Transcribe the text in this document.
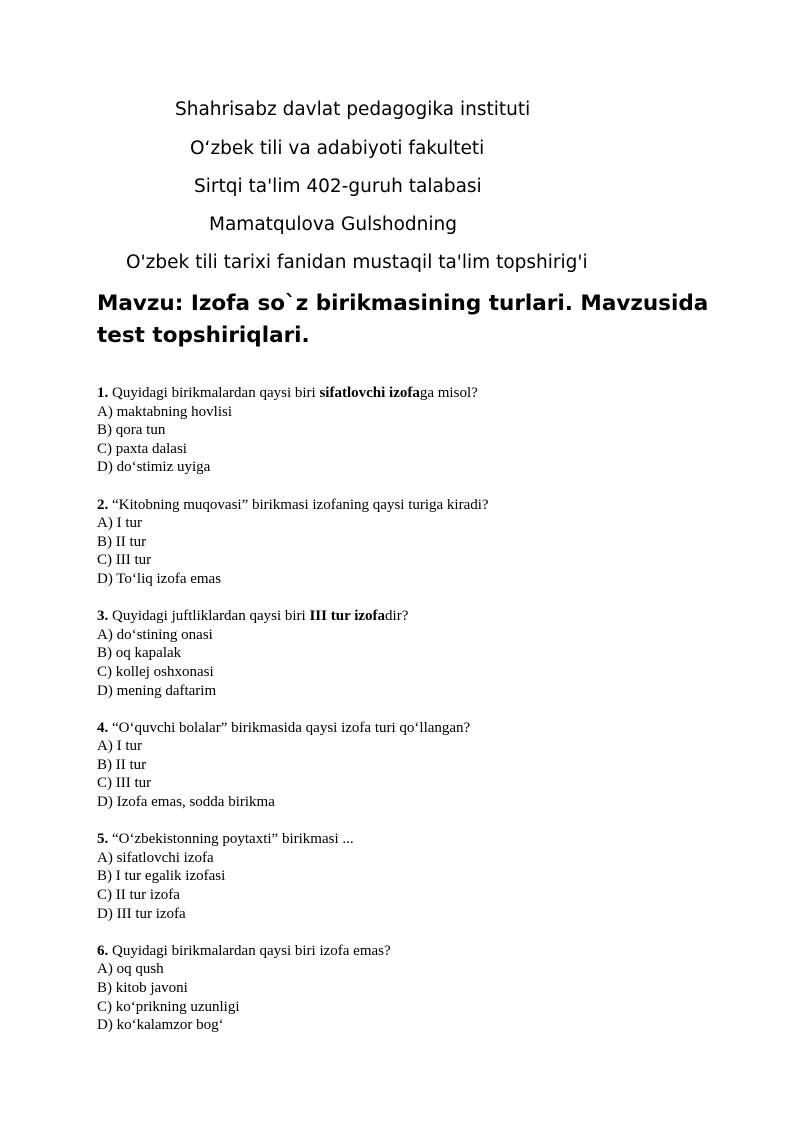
Shahrisabz davlat pedagogika instituti
O‘zbek tili va adabiyoti fakulteti
Sirtqi ta'lim 402-guruh talabasi
Mamatqulova Gulshodning
O'zbek tili tarixi fanidan mustaqil ta'lim topshirig'i
Mavzu: Izofa so`z birikmasining turlari. Mavzusida test topshiriqlari.
1. Quyidagi birikmalardan qaysi biri sifatlovchi izofaga misol?
A) maktabning hovlisi
B) qora tun
C) paxta dalasi
D) do‘stimiz uyiga
2. “Kitobning muqovasi” birikmasi izofaning qaysi turiga kiradi?
A) I tur
B) II tur
C) III tur
D) To‘liq izofa emas
3. Quyidagi juftliklardan qaysi biri III tur izofadir?
A) do‘stining onasi
B) oq kapalak
C) kollej oshxonasi
D) mening daftarim
4. “O‘quvchi bolalar” birikmasida qaysi izofa turi qo‘llangan?
A) I tur
B) II tur
C) III tur
D) Izofa emas, sodda birikma
5. “O‘zbekistonning poytaxti” birikmasi ...
A) sifatlovchi izofa
B) I tur egalik izofasi
C) II tur izofa
D) III tur izofa
6. Quyidagi birikmalardan qaysi biri izofa emas?
A) oq qush
B) kitob javoni
C) ko‘prikning uzunligi
D) ko‘kalamzor bog‘
